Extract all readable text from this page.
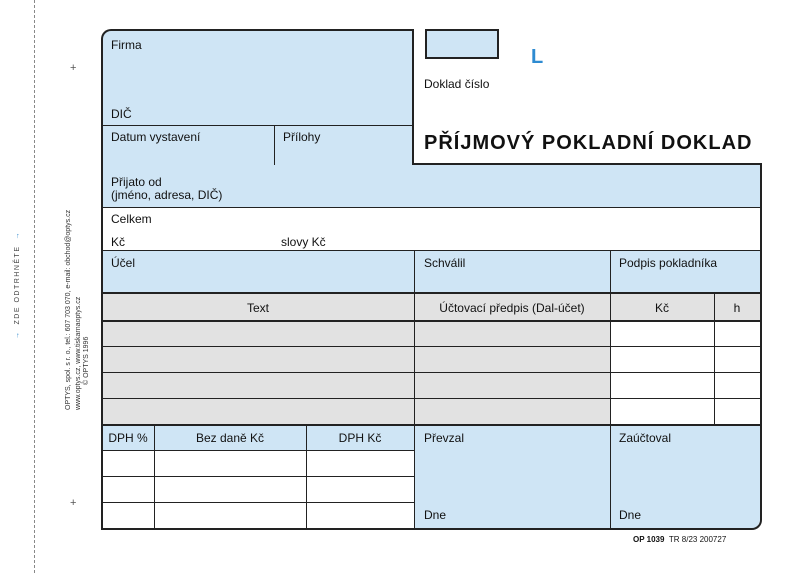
→ZDE ODTRHNĚTE→	OPTYS, spol. s r. o., tel.: 607 703 070, e-mail: obchod@optys.cz www.optys.cz, www.tiskarnaoptys.cz © OPTYS 1996
+
+
Firma
DIČ
Doklad číslo
L
PŘÍJMOVÝ POKLADNÍ DOKLAD
Datum vystavení	Přílohy
Přijato od
(jméno, adresa, DIČ)
Celkem
Kč	slovy Kč
Účel	Schválil	Podpis pokladníka
Text	Účtovací předpis (Dal-účet)	Kč	h
DPH %	Bez daně Kč	DPH Kč	Převzal	Zaúčtoval
Dne	Dne
OP 1039 TR 8/23 200727
